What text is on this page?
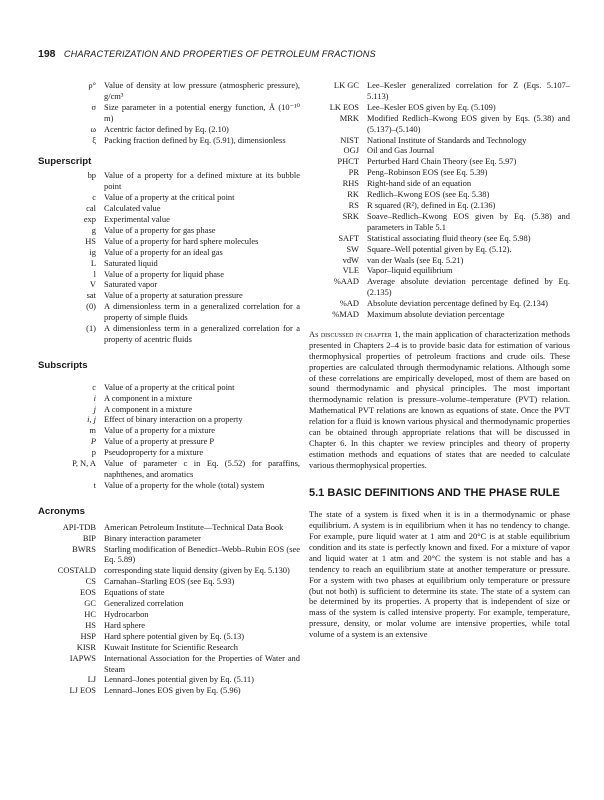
198 CHARACTERIZATION AND PROPERTIES OF PETROLEUM FRACTIONS
ρ° Value of density at low pressure (atmospheric pressure), g/cm³
σ Size parameter in a potential energy function, Å (10⁻¹⁰ m)
ω Acentric factor defined by Eq. (2.10)
ξ Packing fraction defined by Eq. (5.91), dimensionless
Superscript
bp Value of a property for a defined mixture at its bubble point
c Value of a property at the critical point
cal Calculated value
exp Experimental value
g Value of a property for gas phase
HS Value of a property for hard sphere molecules
ig Value of a property for an ideal gas
L Saturated liquid
l Value of a property for liquid phase
V Saturated vapor
sat Value of a property at saturation pressure
(0) A dimensionless term in a generalized correlation for a property of simple fluids
(1) A dimensionless term in a generalized correlation for a property of acentric fluids
Subscripts
c Value of a property at the critical point
i A component in a mixture
j A component in a mixture
i, j Effect of binary interaction on a property
m Value of a property for a mixture
P Value of a property at pressure P
p Pseudoproperty for a mixture
P, N, A Value of parameter c in Eq. (5.52) for paraffins, naphthenes, and aromatics
t Value of a property for the whole (total) system
Acronyms
API-TDB American Petroleum Institute—Technical Data Book
BIP Binary interaction parameter
BWRS Starling modification of Benedict–Webb–Rubin EOS (see Eq. 5.89)
COSTALD corresponding state liquid density (given by Eq. 5.130)
CS Carnahan–Starling EOS (see Eq. 5.93)
EOS Equations of state
GC Generalized correlation
HC Hydrocarbon
HS Hard sphere
HSP Hard sphere potential given by Eq. (5.13)
KISR Kuwait Institute for Scientific Research
IAPWS International Association for the Properties of Water and Steam
LJ Lennard–Jones potential given by Eq. (5.11)
LJ EOS Lennard–Jones EOS given by Eq. (5.96)
LK GC Lee–Kesler generalized correlation for Z (Eqs. 5.107–5.113)
LK EOS Lee–Kesler EOS given by Eq. (5.109)
MRK Modified Redlich–Kwong EOS given by Eqs. (5.38) and (5.137)–(5.140)
NIST National Institute of Standards and Technology
OGJ Oil and Gas Journal
PHCT Perturbed Hard Chain Theory (see Eq. 5.97)
PR Peng–Robinson EOS (see Eq. 5.39)
RHS Right-hand side of an equation
RK Redlich–Kwong EOS (see Eq. 5.38)
RS R squared (R²), defined in Eq. (2.136)
SRK Soave–Redlich–Kwong EOS given by Eq. (5.38) and parameters in Table 5.1
SAFT Statistical associating fluid theory (see Eq. 5.98)
SW Square–Well potential given by Eq. (5.12).
vdW van der Waals (see Eq. 5.21)
VLE Vapor–liquid equilibrium
%AAD Average absolute deviation percentage defined by Eq. (2.135)
%AD Absolute deviation percentage defined by Eq. (2.134)
%MAD Maximum absolute deviation percentage
As discussed in chapter 1, the main application of characterization methods presented in Chapters 2–4 is to provide basic data for estimation of various thermophysical properties of petroleum fractions and crude oils. These properties are calculated through thermodynamic relations. Although some of these correlations are empirically developed, most of them are based on sound thermodynamic and physical principles. The most important thermodynamic relation is pressure–volume–temperature (PVT) relation. Mathematical PVT relations are known as equations of state. Once the PVT relation for a fluid is known various physical and thermodynamic properties can be obtained through appropriate relations that will be discussed in Chapter 6. In this chapter we review principles and theory of property estimation methods and equations of states that are needed to calculate various thermophysical properties.
5.1 BASIC DEFINITIONS AND THE PHASE RULE
The state of a system is fixed when it is in a thermodynamic or phase equilibrium. A system is in equilibrium when it has no tendency to change. For example, pure liquid water at 1 atm and 20°C is at stable equilibrium condition and its state is perfectly known and fixed. For a mixture of vapor and liquid water at 1 atm and 20°C the system is not stable and has a tendency to reach an equilibrium state at another temperature or pressure. For a system with two phases at equilibrium only temperature or pressure (but not both) is sufficient to determine its state. The state of a system can be determined by its properties. A property that is independent of size or mass of the system is called intensive property. For example, temperature, pressure, density, or molar volume are intensive properties, while total volume of a system is an extensive
